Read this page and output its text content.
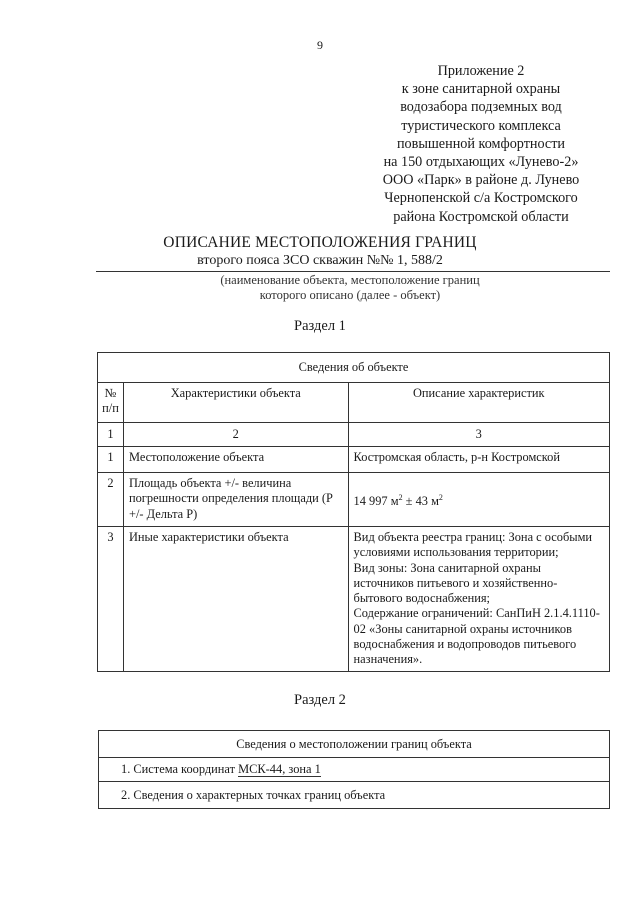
9
Приложение 2
к зоне санитарной охраны
водозабора подземных вод
туристического комплекса
повышенной комфортности
на 150 отдыхающих «Лунево-2»
ООО «Парк» в районе д. Лунево
Чернопенской с/а Костромского
района Костромской области
ОПИСАНИЕ МЕСТОПОЛОЖЕНИЯ ГРАНИЦ
второго пояса ЗСО скважин №№ 1, 588/2
(наименование объекта, местоположение границ
которого описано (далее - объект)
Раздел 1
Сведения об объекте		
№ п/п	Характеристики объекта	Описание характеристик
1	2	3
1	Местоположение объекта	Костромская область, р-н Костромской
2	Площадь объекта +/- величина погрешности определения площади (Р +/- Дельта Р)	14 997 $м^2 \pm 43$ $м^2$
3	Иные характеристики объекта	Вид объекта реестра границ: Зона с особыми условиями использования территории;
Вид зоны: Зона санитарной охраны источников питьевого и хозяйственно-бытового водоснабжения;
Содержание ограничений: СанПиН 2.1.4.1110-02 «Зоны санитарной охраны источников водоснабжения и водопроводов питьевого назначения».
Раздел 2
Сведения о местоположении границ объекта
1. Система координат МСК-44, зона 1
2. Сведения о характерных точках границ объекта
